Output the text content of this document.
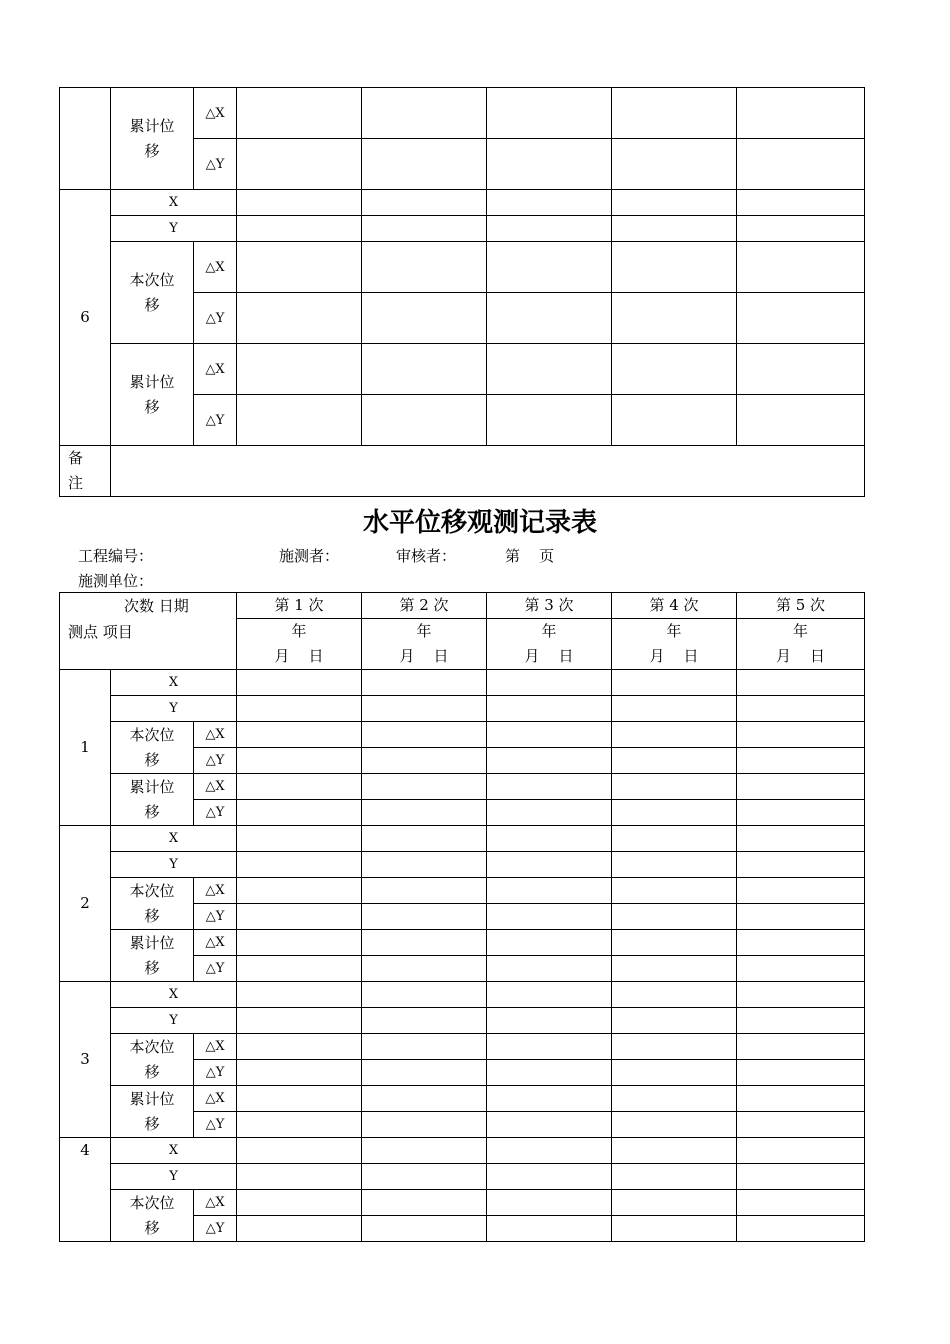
	累计位移	△X					
		△Y					
6	X						
	Y						
	本次位移	△X					
		△Y					
	累计位移	△X					
		△Y					
备注							
水平位移观测记录表
工程编号：	施测者：	审核者：	第    页
施测单位：
次数 日期
测点 项目			第 1 次	第 2 次	第 3 次	第 4 次	第 5 次
			年	年	年	年	年
			月    日	月    日	月    日	月    日	月    日
1	X						
	Y						
	本次位移	△X					
		△Y					
	累计位移	△X					
		△Y					
2	X						
	Y						
	本次位移	△X					
		△Y					
	累计位移	△X					
		△Y					
3	X						
	Y						
	本次位移	△X					
		△Y					
	累计位移	△X					
		△Y					
4	X						
	Y						
	本次位移	△X					
		△Y					
